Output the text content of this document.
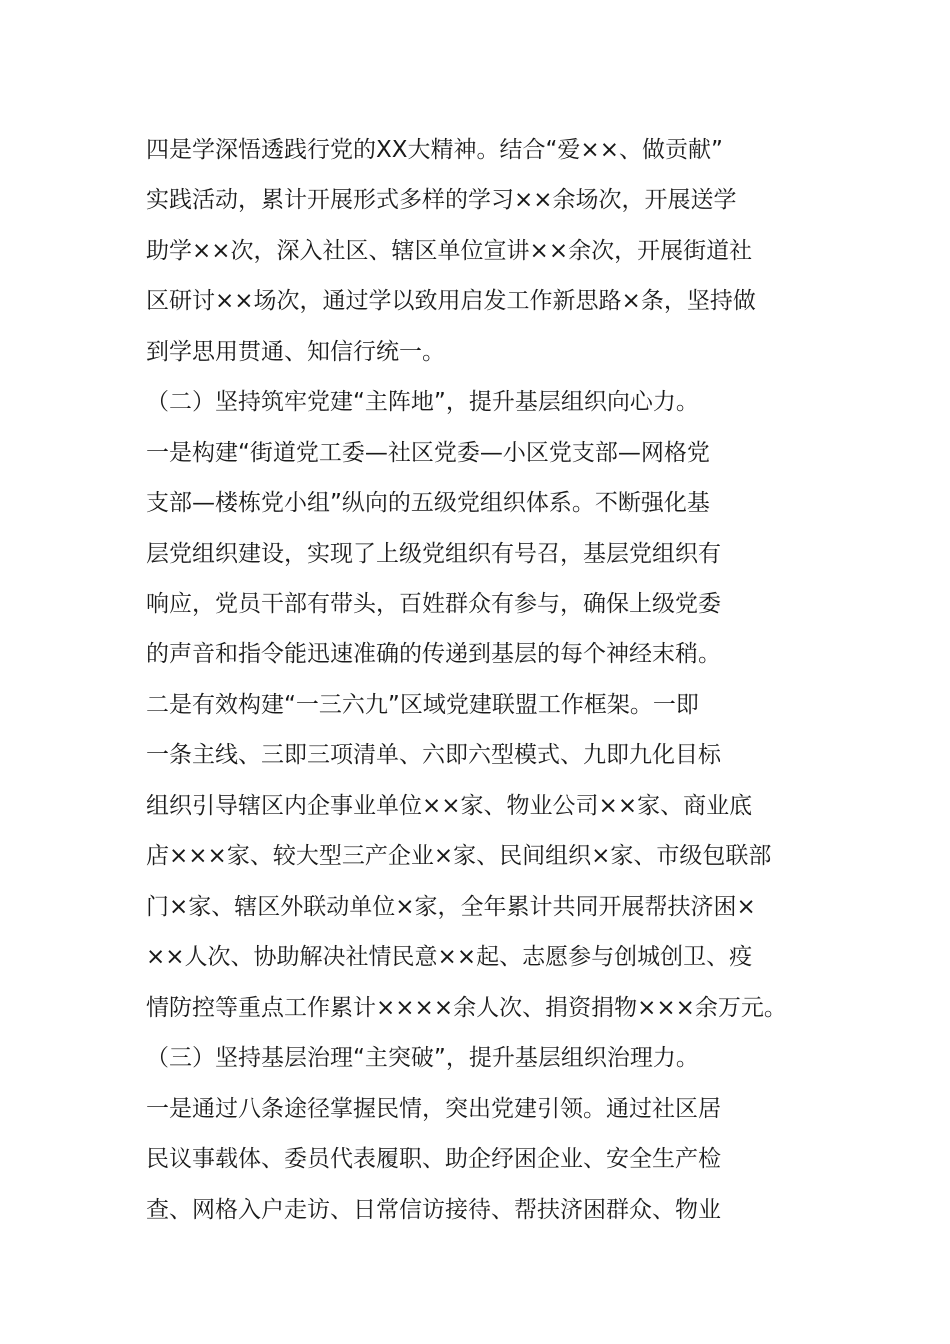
四是学深悟透践行党的XX大精神。结合“爱××、做贡献”
实践活动，累计开展形式多样的学习××余场次，开展送学
助学××次，深入社区、辖区单位宣讲××余次，开展街道社
区研讨××场次，通过学以致用启发工作新思路×条，坚持做
到学思用贯通、知信行统一。
（二）坚持筑牢党建“主阵地”，提升基层组织向心力。
一是构建“街道党工委—社区党委—小区党支部—网格党
支部—楼栋党小组”纵向的五级党组织体系。不断强化基
层党组织建设，实现了上级党组织有号召，基层党组织有
响应，党员干部有带头，百姓群众有参与，确保上级党委
的声音和指令能迅速准确的传递到基层的每个神经末稍。
二是有效构建“一三六九”区域党建联盟工作框架。一即
一条主线、三即三项清单、六即六型模式、九即九化目标
组织引导辖区内企事业单位××家、物业公司××家、商业底
店×××家、较大型三产企业×家、民间组织×家、市级包联部
门×家、辖区外联动单位×家，全年累计共同开展帮扶济困×
××人次、协助解决社情民意××起、志愿参与创城创卫、疫
情防控等重点工作累计××××余人次、捐资捐物×××余万元。
（三）坚持基层治理“主突破”，提升基层组织治理力。
一是通过八条途径掌握民情，突出党建引领。通过社区居
民议事载体、委员代表履职、助企纾困企业、安全生产检
查、网格入户走访、日常信访接待、帮扶济困群众、物业
